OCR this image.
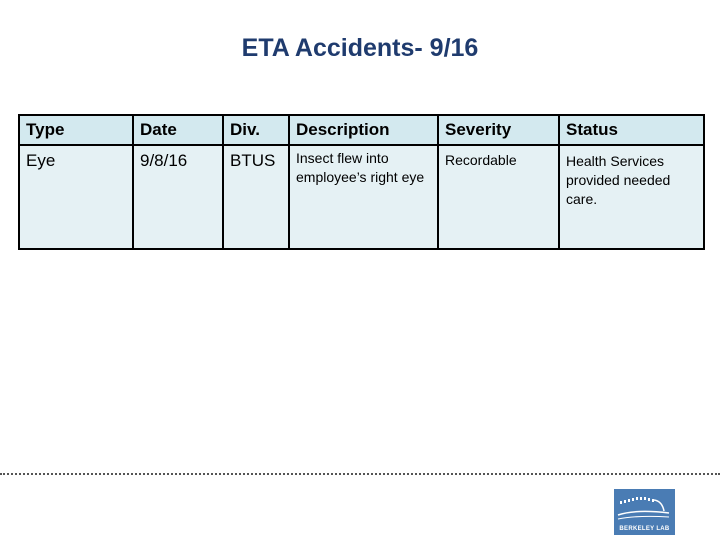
ETA Accidents- 9/16
Type	Date	Div.	Description	Severity	Status
Eye	9/8/16	BTUS	Insect flew into employee’s right eye	Recordable	Health Services provided needed care.
BERKELEY LAB
